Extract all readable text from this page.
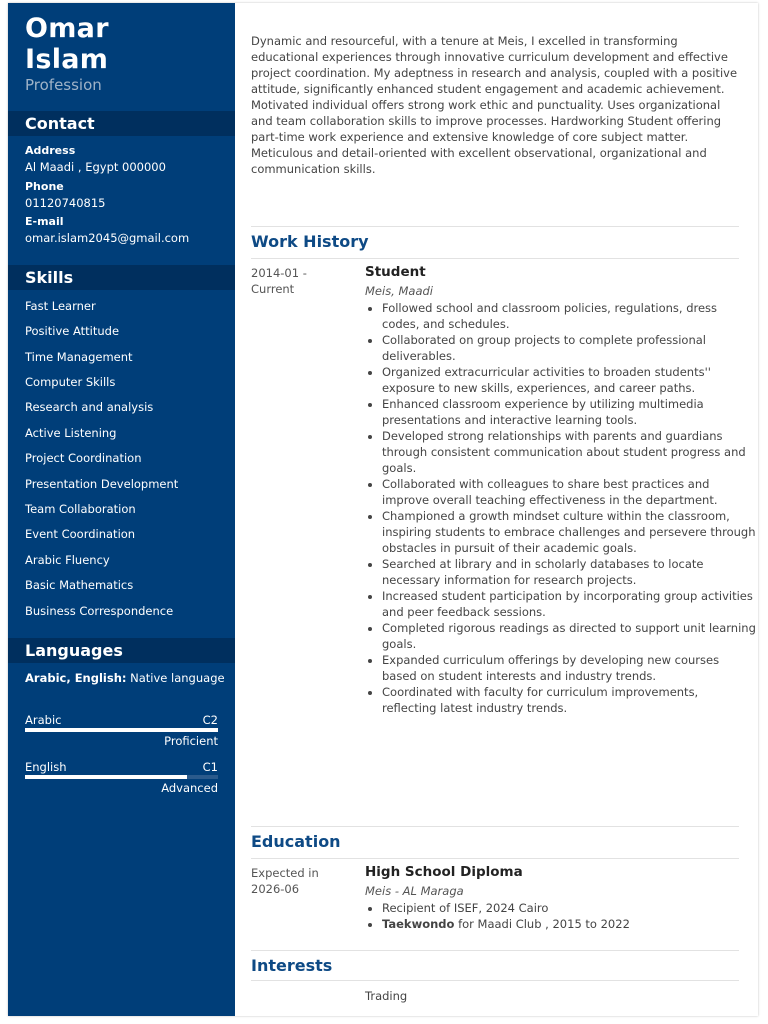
Omar
Islam
Profession
Contact
Address
Al Maadi , Egypt 000000
Phone
01120740815
E-mail
omar.islam2045@gmail.com
Skills
Fast Learner
Positive Attitude
Time Management
Computer Skills
Research and analysis
Active Listening
Project Coordination
Presentation Development
Team Collaboration
Event Coordination
Arabic Fluency
Basic Mathematics
Business Correspondence
Languages
Arabic, English: Native language
Arabic	C2
Proficient
English	C1
Advanced
Dynamic and resourceful, with a tenure at Meis, I excelled in transforming educational experiences through innovative curriculum development and effective project coordination. My adeptness in research and analysis, coupled with a positive attitude, significantly enhanced student engagement and academic achievement. Motivated individual offers strong work ethic and punctuality. Uses organizational and team collaboration skills to improve processes. Hardworking Student offering part-time work experience and extensive knowledge of core subject matter. Meticulous and detail-oriented with excellent observational, organizational and communication skills.
Work History
2014-01 - Current
Student
Meis, Maadi
• Followed school and classroom policies, regulations, dress codes, and schedules.
• Collaborated on group projects to complete professional deliverables.
• Organized extracurricular activities to broaden students'' exposure to new skills, experiences, and career paths.
• Enhanced classroom experience by utilizing multimedia presentations and interactive learning tools.
• Developed strong relationships with parents and guardians through consistent communication about student progress and goals.
• Collaborated with colleagues to share best practices and improve overall teaching effectiveness in the department.
• Championed a growth mindset culture within the classroom, inspiring students to embrace challenges and persevere through obstacles in pursuit of their academic goals.
• Searched at library and in scholarly databases to locate necessary information for research projects.
• Increased student participation by incorporating group activities and peer feedback sessions.
• Completed rigorous readings as directed to support unit learning goals.
• Expanded curriculum offerings by developing new courses based on student interests and industry trends.
• Coordinated with faculty for curriculum improvements, reflecting latest industry trends.
Education
Expected in 2026-06
High School Diploma
Meis - AL Maraga
• Recipient of ISEF, 2024 Cairo
• Taekwondo for Maadi Club , 2015 to 2022
Interests
Trading
